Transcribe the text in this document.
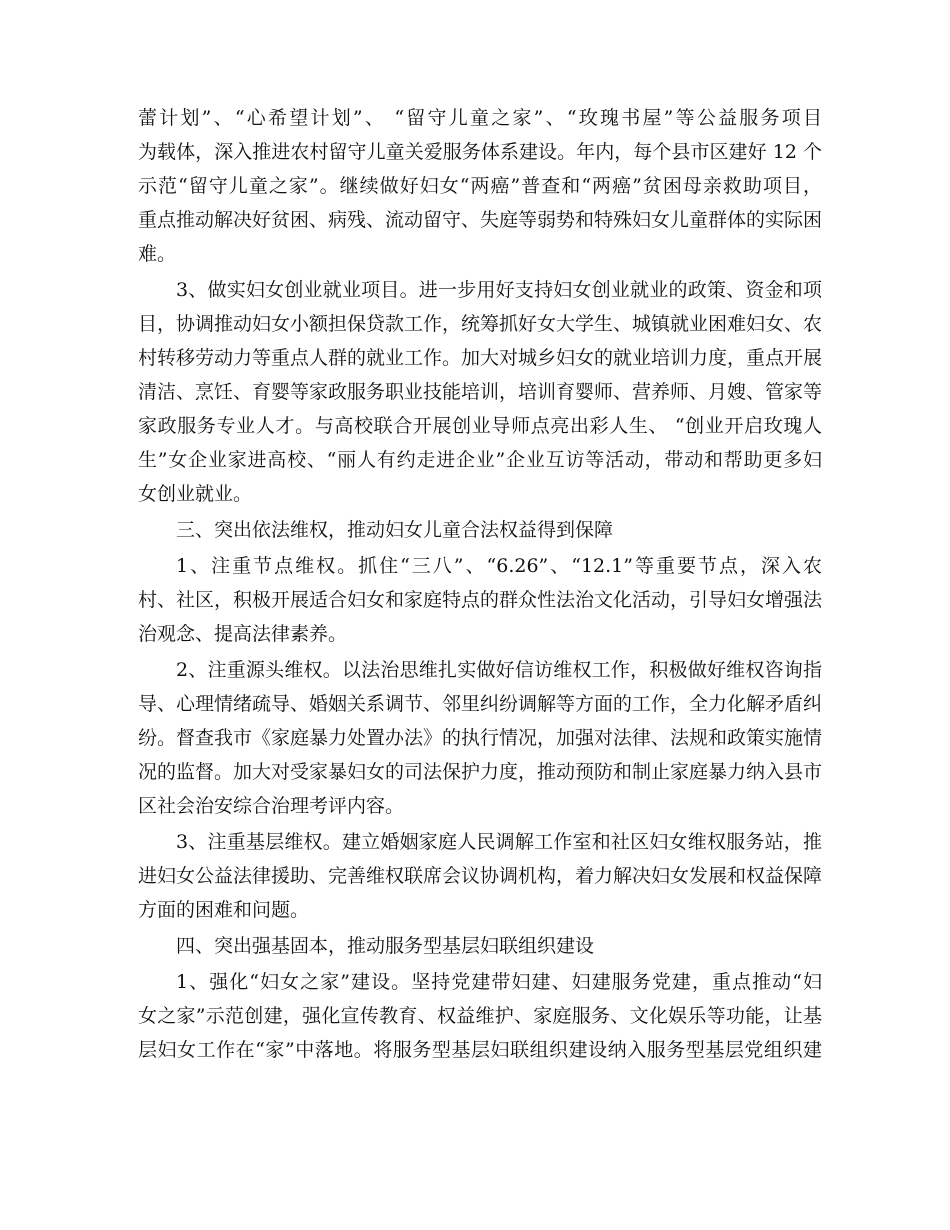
蕾计划”、“心希望计划”、 “留守儿童之家”、“玫瑰书屋”等公益服务项目
为载体，深入推进农村留守儿童关爱服务体系建设。年内，每个县市区建好 12 个
示范“留守儿童之家”。继续做好妇女“两癌”普查和“两癌”贫困母亲救助项目，
重点推动解决好贫困、病残、流动留守、失庭等弱势和特殊妇女儿童群体的实际困
难。
3、做实妇女创业就业项目。进一步用好支持妇女创业就业的政策、资金和项
目，协调推动妇女小额担保贷款工作，统筹抓好女大学生、城镇就业困难妇女、农
村转移劳动力等重点人群的就业工作。加大对城乡妇女的就业培训力度，重点开展
清洁、烹饪、育婴等家政服务职业技能培训，培训育婴师、营养师、月嫂、管家等
家政服务专业人才。与高校联合开展创业导师点亮出彩人生、 “创业开启玫瑰人
生”女企业家进高校、“丽人有约走进企业”企业互访等活动，带动和帮助更多妇
女创业就业。
三、突出依法维权，推动妇女儿童合法权益得到保障
1、注重节点维权。抓住“三八”、“6.26”、“12.1”等重要节点，深入农
村、社区，积极开展适合妇女和家庭特点的群众性法治文化活动，引导妇女增强法
治观念、提高法律素养。
2、注重源头维权。以法治思维扎实做好信访维权工作，积极做好维权咨询指
导、心理情绪疏导、婚姻关系调节、邻里纠纷调解等方面的工作，全力化解矛盾纠
纷。督查我市《家庭暴力处置办法》的执行情况，加强对法律、法规和政策实施情
况的监督。加大对受家暴妇女的司法保护力度，推动预防和制止家庭暴力纳入县市
区社会治安综合治理考评内容。
3、注重基层维权。建立婚姻家庭人民调解工作室和社区妇女维权服务站，推
进妇女公益法律援助、完善维权联席会议协调机构，着力解决妇女发展和权益保障
方面的困难和问题。
四、突出强基固本，推动服务型基层妇联组织建设
1、强化“妇女之家”建设。坚持党建带妇建、妇建服务党建，重点推动“妇
女之家”示范创建，强化宣传教育、权益维护、家庭服务、文化娱乐等功能，让基
层妇女工作在“家”中落地。将服务型基层妇联组织建设纳入服务型基层党组织建
